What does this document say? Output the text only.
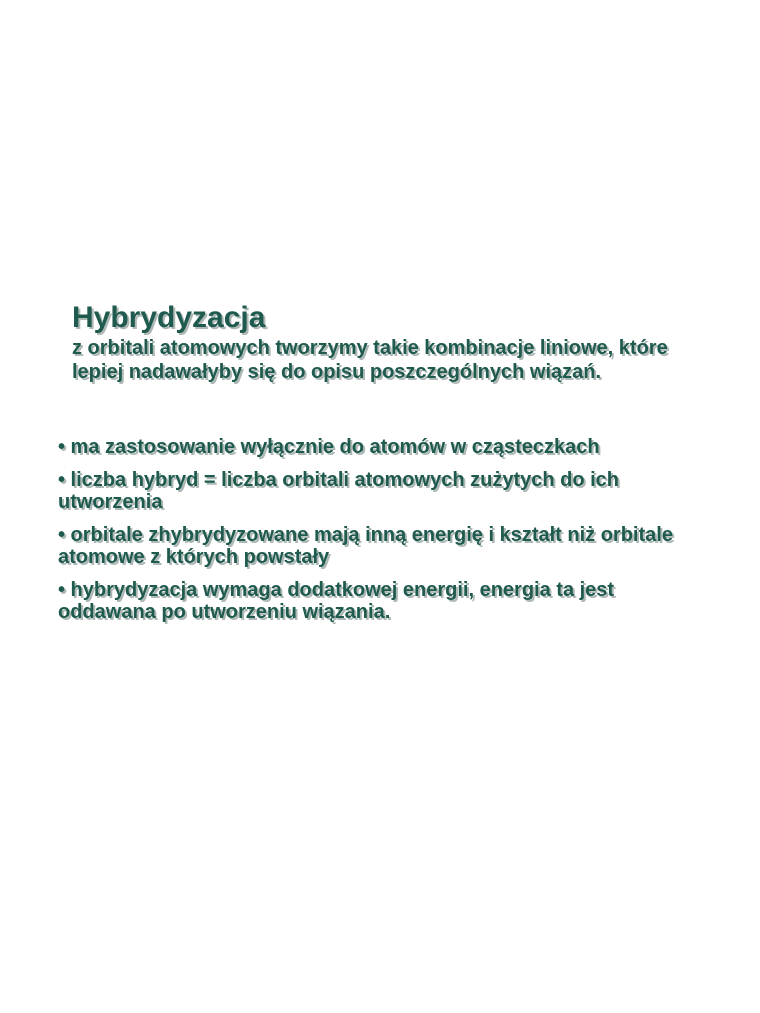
Hybrydyzacja

z orbitali atomowych tworzymy takie kombinacje liniowe, które lepiej nadawałyby się do opisu poszczególnych wiązań.

• ma zastosowanie wyłącznie do atomów w cząsteczkach
• liczba hybryd = liczba orbitali atomowych zużytych do ich utworzenia
• orbitale zhybrydyzowane mają inną energię i kształt niż orbitale atomowe z których powstały
• hybrydyzacja wymaga dodatkowej energii, energia ta jest oddawana po utworzeniu wiązania.
